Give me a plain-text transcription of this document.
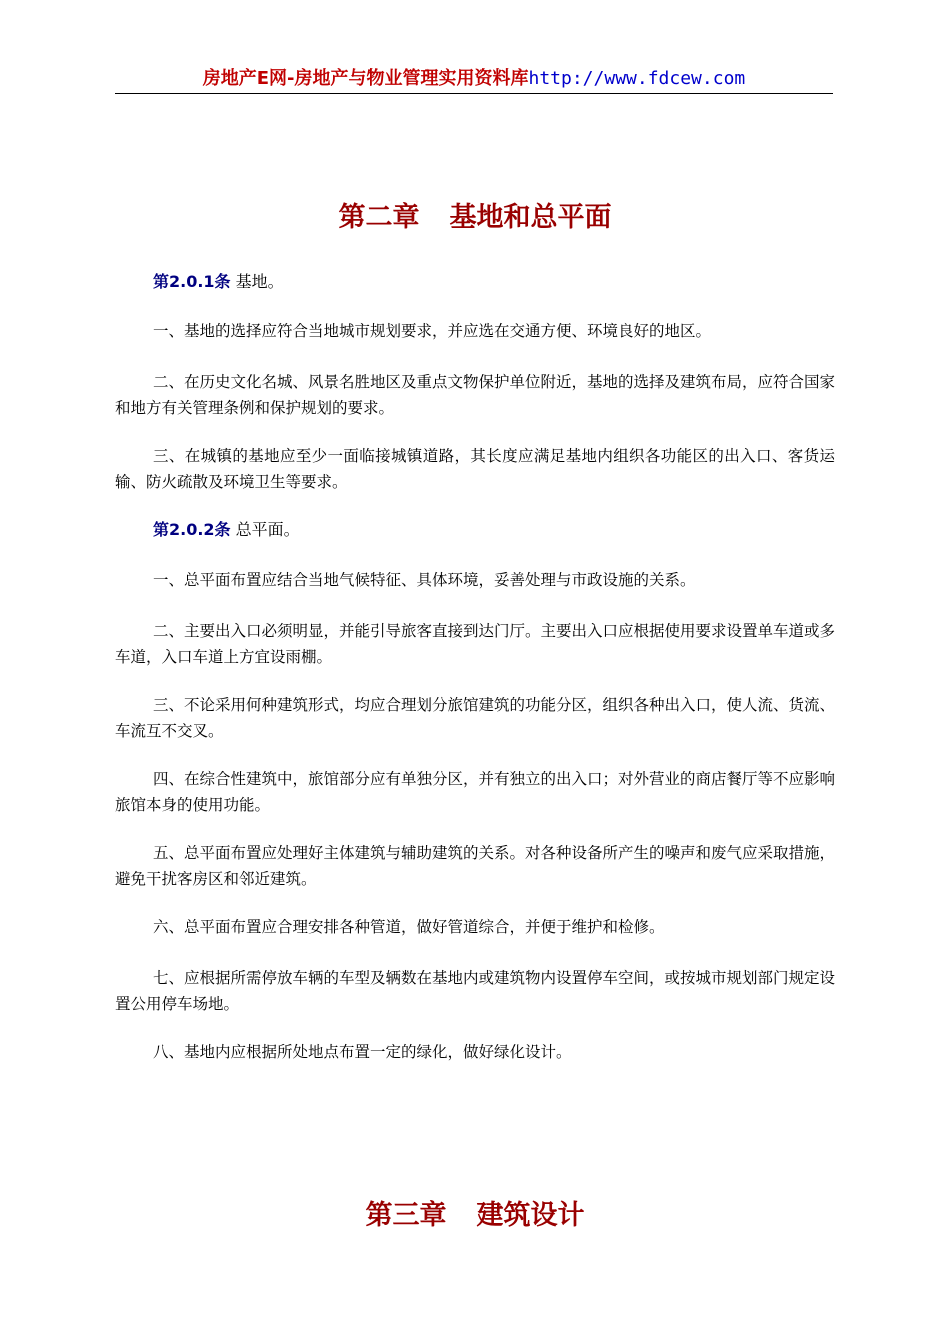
房地产E网-房地产与物业管理实用资料库http://www.fdcew.com
第二章 基地和总平面
第2.0.1条 基地。
一、基地的选择应符合当地城市规划要求，并应选在交通方便、环境良好的地区。
二、在历史文化名城、风景名胜地区及重点文物保护单位附近，基地的选择及建筑布局，应符合国家和地方有关管理条例和保护规划的要求。
三、在城镇的基地应至少一面临接城镇道路，其长度应满足基地内组织各功能区的出入口、客货运输、防火疏散及环境卫生等要求。
第2.0.2条 总平面。
一、总平面布置应结合当地气候特征、具体环境，妥善处理与市政设施的关系。
二、主要出入口必须明显，并能引导旅客直接到达门厅。主要出入口应根据使用要求设置单车道或多车道，入口车道上方宜设雨棚。
三、不论采用何种建筑形式，均应合理划分旅馆建筑的功能分区，组织各种出入口，使人流、货流、车流互不交叉。
四、在综合性建筑中，旅馆部分应有单独分区，并有独立的出入口；对外营业的商店餐厅等不应影响旅馆本身的使用功能。
五、总平面布置应处理好主体建筑与辅助建筑的关系。对各种设备所产生的噪声和废气应采取措施，避免干扰客房区和邻近建筑。
六、总平面布置应合理安排各种管道，做好管道综合，并便于维护和检修。
七、应根据所需停放车辆的车型及辆数在基地内或建筑物内设置停车空间，或按城市规划部门规定设置公用停车场地。
八、基地内应根据所处地点布置一定的绿化，做好绿化设计。
第三章 建筑设计
